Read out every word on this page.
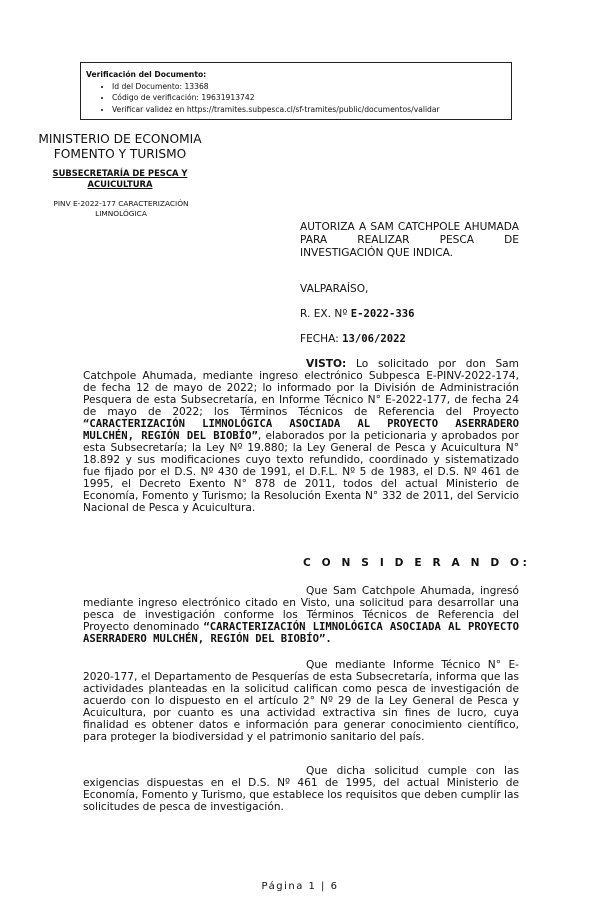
Verificación del Documento:
• Id del Documento: 13368
• Código de verificación: 19631913742
• Verificar validez en https://tramites.subpesca.cl/sf-tramites/public/documentos/validar
MINISTERIO DE ECONOMIA
FOMENTO Y TURISMO
SUBSECRETARÍA DE PESCA Y
ACUICULTURA
PINV E-2022-177 CARACTERIZACIÓN
LIMNOLÓGICA
AUTORIZA A SAM CATCHPOLE AHUMADA PARA REALIZAR PESCA DE INVESTIGACIÓN QUE INDICA.
VALPARAÍSO,
R. EX. Nº E-2022-336
FECHA: 13/06/2022
VISTO: Lo solicitado por don Sam Catchpole Ahumada, mediante ingreso electrónico Subpesca E-PINV-2022-174, de fecha 12 de mayo de 2022; lo informado por la División de Administración Pesquera de esta Subsecretaría, en Informe Técnico N° E-2022-177, de fecha 24 de mayo de 2022; los Términos Técnicos de Referencia del Proyecto “CARACTERIZACIÓN LIMNOLÓGICA ASOCIADA AL PROYECTO ASERRADERO MULCHÉN, REGIÓN DEL BIOBÍO”, elaborados por la peticionaria y aprobados por esta Subsecretaría; la Ley Nº 19.880; la Ley General de Pesca y Acuicultura N° 18.892 y sus modificaciones cuyo texto refundido, coordinado y sistematizado fue fijado por el D.S. Nº 430 de 1991, el D.F.L. Nº 5 de 1983, el D.S. Nº 461 de 1995, el Decreto Exento N° 878 de 2011, todos del actual Ministerio de Economía, Fomento y Turismo; la Resolución Exenta N° 332 de 2011, del Servicio Nacional de Pesca y Acuicultura.
C O N S I D E R A N D O:
Que Sam Catchpole Ahumada, ingresó mediante ingreso electrónico citado en Visto, una solicitud para desarrollar una pesca de investigación conforme los Términos Técnicos de Referencia del Proyecto denominado “CARACTERIZACIÓN LIMNOLÓGICA ASOCIADA AL PROYECTO ASERRADERO MULCHÉN, REGIÓN DEL BIOBÍO”.
Que mediante Informe Técnico N° E-2020-177, el Departamento de Pesquerías de esta Subsecretaría, informa que las actividades planteadas en la solicitud califican como pesca de investigación de acuerdo con lo dispuesto en el artículo 2° Nº 29 de la Ley General de Pesca y Acuicultura, por cuanto es una actividad extractiva sin fines de lucro, cuya finalidad es obtener datos e información para generar conocimiento científico, para proteger la biodiversidad y el patrimonio sanitario del país.
Que dicha solicitud cumple con las exigencias dispuestas en el D.S. Nº 461 de 1995, del actual Ministerio de Economía, Fomento y Turismo, que establece los requisitos que deben cumplir las solicitudes de pesca de investigación.
Página 1 | 6
